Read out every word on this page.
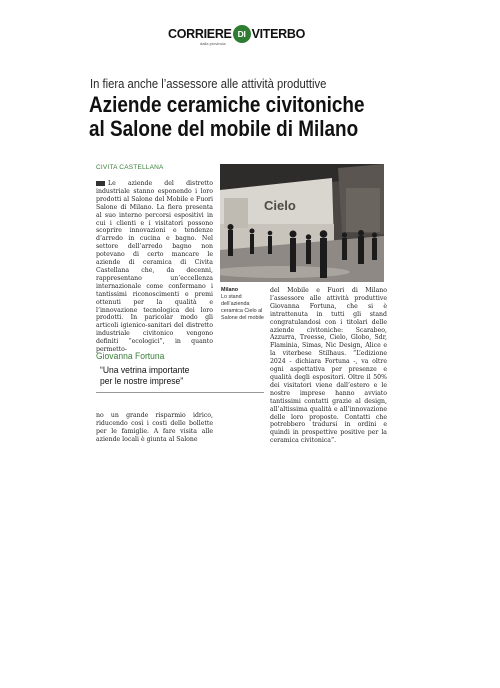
CORRIERE DI VITERBO
dalla provincia
In fiera anche l’assessore alle attività produttive
Aziende ceramiche civitoniche al Salone del mobile di Milano
CIVITA CASTELLANA
Le aziende del distretto industriale stanno esponendo i loro prodotti al Salone del Mobile e Fuori Salone di Milano. La fiera presenta al suo interno percorsi espositivi in cui i clienti e i visitatori possono scoprire innovazioni e tendenze d’arredo in cucina e bagno. Nel settore dell’arredo bagno non potevano di certo mancare le aziende di ceramica di Civita Castellana che, da decenni, rappresentano un’eccellenza internazionale come confermano i tantissimi riconoscimenti e premi ottenuti per la qualità e l’innovazione tecnologica dei loro prodotti. In paricolar modo gli articoli igienico-sanitari del distretto industriale civitonico vengono definiti “ecologici”, in quanto permetto-
Cielo
Milano
Lo stand dell’azienda ceramica Cielo al Salone del mobile
Giovanna Fortuna
“Una vetrina importante
per le nostre imprese”
no un grande risparmio idrico, riducendo così i costi delle bollette per le famiglie. A fare visita alle aziende locali è giunta al Salone
del Mobile e Fuori di Milano l’assessore alle attività produttive Giovanna Fortuna, che si è intrattenuta in tutti gli stand congratulandosi con i titolari delle aziende civitoniche: Scarabeo, Azzurra, Treesse, Cielo, Globo, Sdr, Flaminia, Simas, Nic Design, Alice e la viterbese Stilhaus. “L’edizione 2024 - dichiara Fortuna -, va oltre ogni aspettativa per presenze e qualità degli espositori. Oltre il 50% dei visitatori viene dall’estero e le nostre imprese hanno avviato tantissimi contatti grazie al design, all’altissima qualità e all’innovazione delle loro proposte. Contatti che potrebbero tradursi in ordini e quindi in prospettive positive per la ceramica civitonica”.
